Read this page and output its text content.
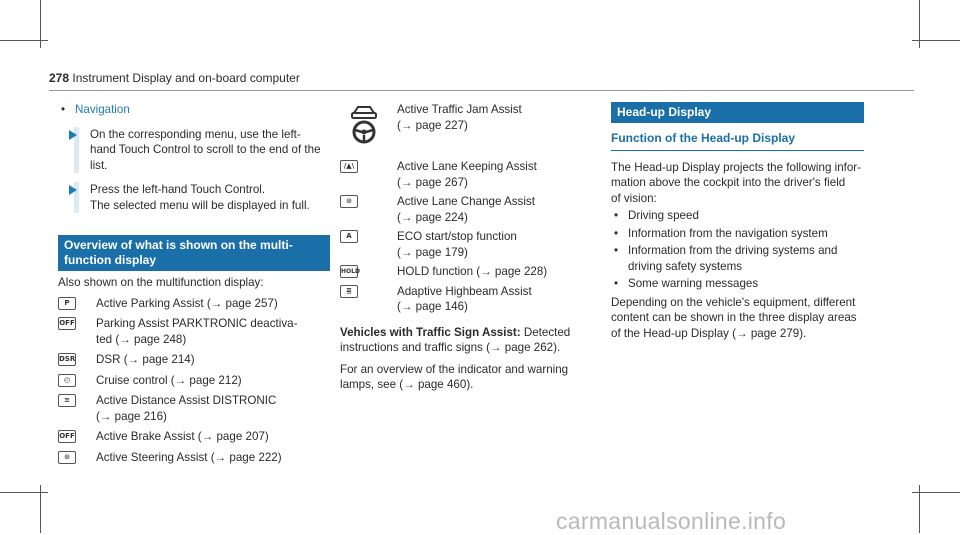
278 Instrument Display and on-board computer
• Navigation
On the corresponding menu, use the left-
hand Touch Control to scroll to the end of the
list.
Press the left-hand Touch Control.
The selected menu will be displayed in full.
Overview of what is shown on the multi-
function display
Also shown on the multifunction display:
P	Active Parking Assist (→ page 257)
OFF Parking Assist PARKTRONIC deactiva-
ted (→ page 248)
DSR DSR (→ page 214)
◴	Cruise control (→ page 212)
≡	Active Distance Assist DISTRONIC
(→ page 216)
OFF Active Brake Assist (→ page 207)
⊙	Active Steering Assist (→ page 222)
Active Traffic Jam Assist
(→ page 227)
/▲\	Active Lane Keeping Assist
(→ page 267)
⊙	Active Lane Change Assist
(→ page 224)
A	ECO start/stop function
(→ page 179)
HOLD	HOLD function (→ page 228)
≣	Adaptive Highbeam Assist
(→ page 146)
Vehicles with Traffic Sign Assist: Detected
instructions and traffic signs (→ page 262).
For an overview of the indicator and warning
lamps, see (→ page 460).
Head-up Display
Function of the Head-up Display
The Head-up Display projects the following infor-
mation above the cockpit into the driver's field
of vision:
• Driving speed
• Information from the navigation system
• Information from the driving systems and
driving safety systems
• Some warning messages
Depending on the vehicle's equipment, different
content can be shown in the three display areas
of the Head-up Display (→ page 279).
carmanualsonline.info
